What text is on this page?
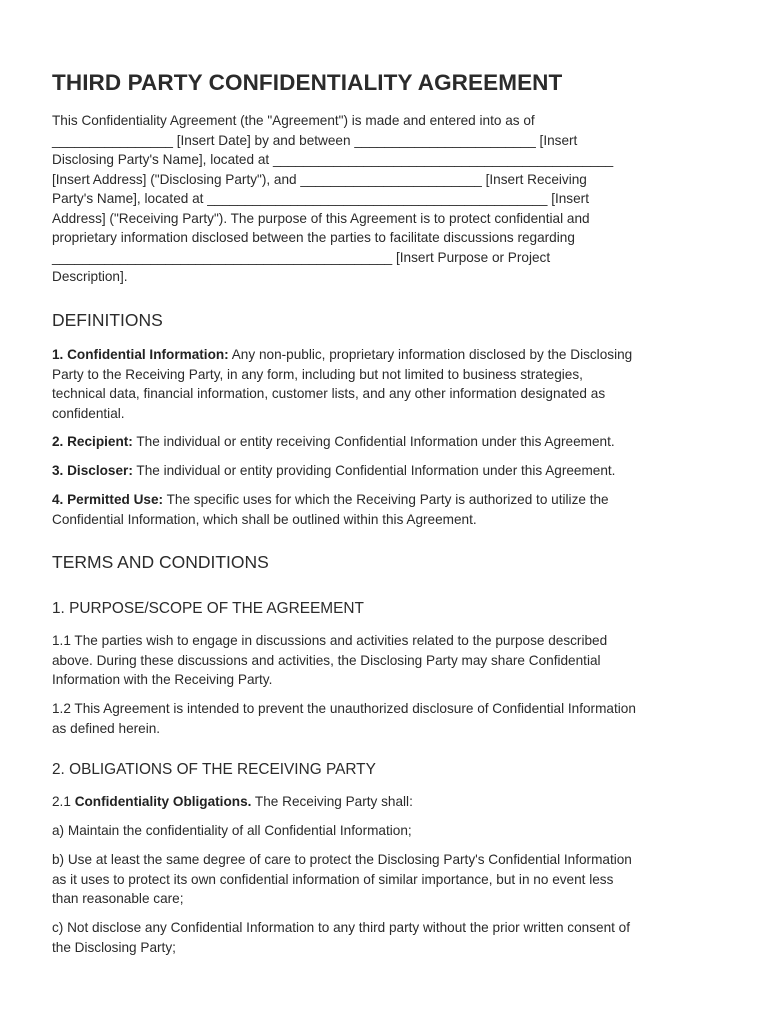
THIRD PARTY CONFIDENTIALITY AGREEMENT

This Confidentiality Agreement (the "Agreement") is made and entered into as of
________________ [Insert Date] by and between ________________________ [Insert
Disclosing Party's Name], located at _____________________________________________
[Insert Address] ("Disclosing Party"), and ________________________ [Insert Receiving
Party's Name], located at _____________________________________________ [Insert
Address] ("Receiving Party"). The purpose of this Agreement is to protect confidential and
proprietary information disclosed between the parties to facilitate discussions regarding
_____________________________________________ [Insert Purpose or Project
Description].

DEFINITIONS

1. Confidential Information: Any non-public, proprietary information disclosed by the Disclosing
Party to the Receiving Party, in any form, including but not limited to business strategies,
technical data, financial information, customer lists, and any other information designated as
confidential.

2. Recipient: The individual or entity receiving Confidential Information under this Agreement.

3. Discloser: The individual or entity providing Confidential Information under this Agreement.

4. Permitted Use: The specific uses for which the Receiving Party is authorized to utilize the
Confidential Information, which shall be outlined within this Agreement.

TERMS AND CONDITIONS
1. PURPOSE/SCOPE OF THE AGREEMENT

1.1 The parties wish to engage in discussions and activities related to the purpose described
above. During these discussions and activities, the Disclosing Party may share Confidential
Information with the Receiving Party.

1.2 This Agreement is intended to prevent the unauthorized disclosure of Confidential Information
as defined herein.

2. OBLIGATIONS OF THE RECEIVING PARTY

2.1 Confidentiality Obligations. The Receiving Party shall:

a) Maintain the confidentiality of all Confidential Information;

b) Use at least the same degree of care to protect the Disclosing Party's Confidential Information
as it uses to protect its own confidential information of similar importance, but in no event less
than reasonable care;

c) Not disclose any Confidential Information to any third party without the prior written consent of
the Disclosing Party;
